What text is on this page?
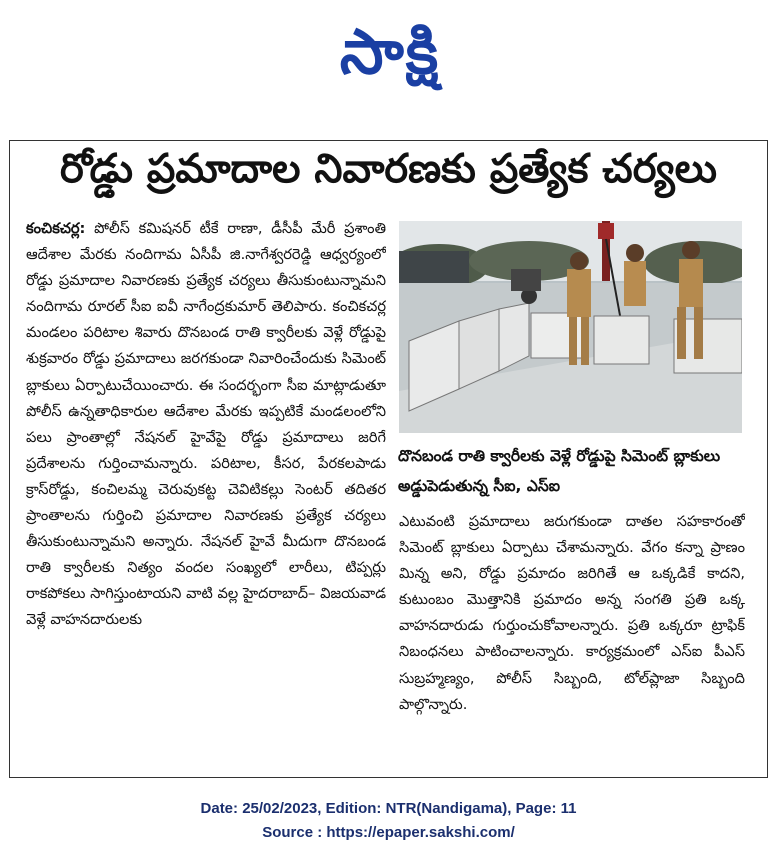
సాక్షి
రోడ్డు ప్రమాదాల నివారణకు ప్రత్యేక చర్యలు
కంచికచర్ల: పోలీస్ కమిషనర్ టీకే రాణా, డీసీపీ మేరీ ప్రశాంతి ఆదేశాల మేరకు నందిగామ ఏసీపీ జి.నాగేశ్వరరెడ్డి ఆధ్వర్యంలో రోడ్డు ప్రమాదాల నివారణకు ప్రత్యేక చర్యలు తీసుకుంటున్నామని నందిగామ రూరల్ సీఐ ఐవీ నాగేంద్రకుమార్ తెలిపారు. కంచికచర్ల మండలం పరిటాల శివారు దొనబండ రాతి క్వారీలకు వెళ్లే రోడ్డుపై శుక్రవారం రోడ్డు ప్రమాదాలు జరగకుండా నివారించేందుకు సిమెంట్ బ్లాకులు ఏర్పాటుచేయించారు. ఈ సందర్భంగా సీఐ మాట్లాడుతూ పోలీస్ ఉన్నతాధికారుల ఆదేశాల మేరకు ఇప్పటికే మండలంలోని పలు ప్రాంతాల్లో నేషనల్ హైవేపై రోడ్డు ప్రమాదాలు జరిగే ప్రదేశాలను గుర్తించామన్నారు. పరిటాల, కీసర, పేరకలపాడు క్రాస్‌రోడ్డు, కంచిలమ్మ చెరువుకట్ట చెవిటికల్లు సెంటర్ తదితర ప్రాంతాలను గుర్తించి ప్రమాదాల నివారణకు ప్రత్యేక చర్యలు తీసుకుంటున్నామని అన్నారు. నేషనల్ హైవే మీదుగా దొనబండ రాతి క్వారీలకు నిత్యం వందల సంఖ్యలో లారీలు, టిప్పర్లు రాకపోకలు సాగిస్తుంటాయని వాటి వల్ల హైదరాబాద్– విజయవాడ వెళ్లే వాహనదారులకు
దొనబండ రాతి క్వారీలకు వెళ్లే రోడ్డుపై సిమెంట్ బ్లాకులు అడ్డుపెడుతున్న సీఐ, ఎస్ఐ
ఎటువంటి ప్రమాదాలు జరుగకుండా దాతల సహకారంతో సిమెంట్ బ్లాకులు ఏర్పాటు చేశామన్నారు. వేగం కన్నా ప్రాణం మిన్న అని, రోడ్డు ప్రమాదం జరిగితే ఆ ఒక్కడికే కాదని, కుటుంబం మొత్తానికి ప్రమాదం అన్న సంగతి ప్రతి ఒక్క వాహనదారుడు గుర్తుంచుకోవాలన్నారు. ప్రతి ఒక్కరూ ట్రాఫిక్ నిబంధనలు పాటించాలన్నారు. కార్యక్రమంలో ఎస్ఐ పీఎస్ సుబ్రహ్మణ్యం, పోలీస్ సిబ్బంది, టోల్‌ప్లాజా సిబ్బంది పాల్గొన్నారు.
Date: 25/02/2023, Edition: NTR(Nandigama), Page: 11
Source : https://epaper.sakshi.com/
